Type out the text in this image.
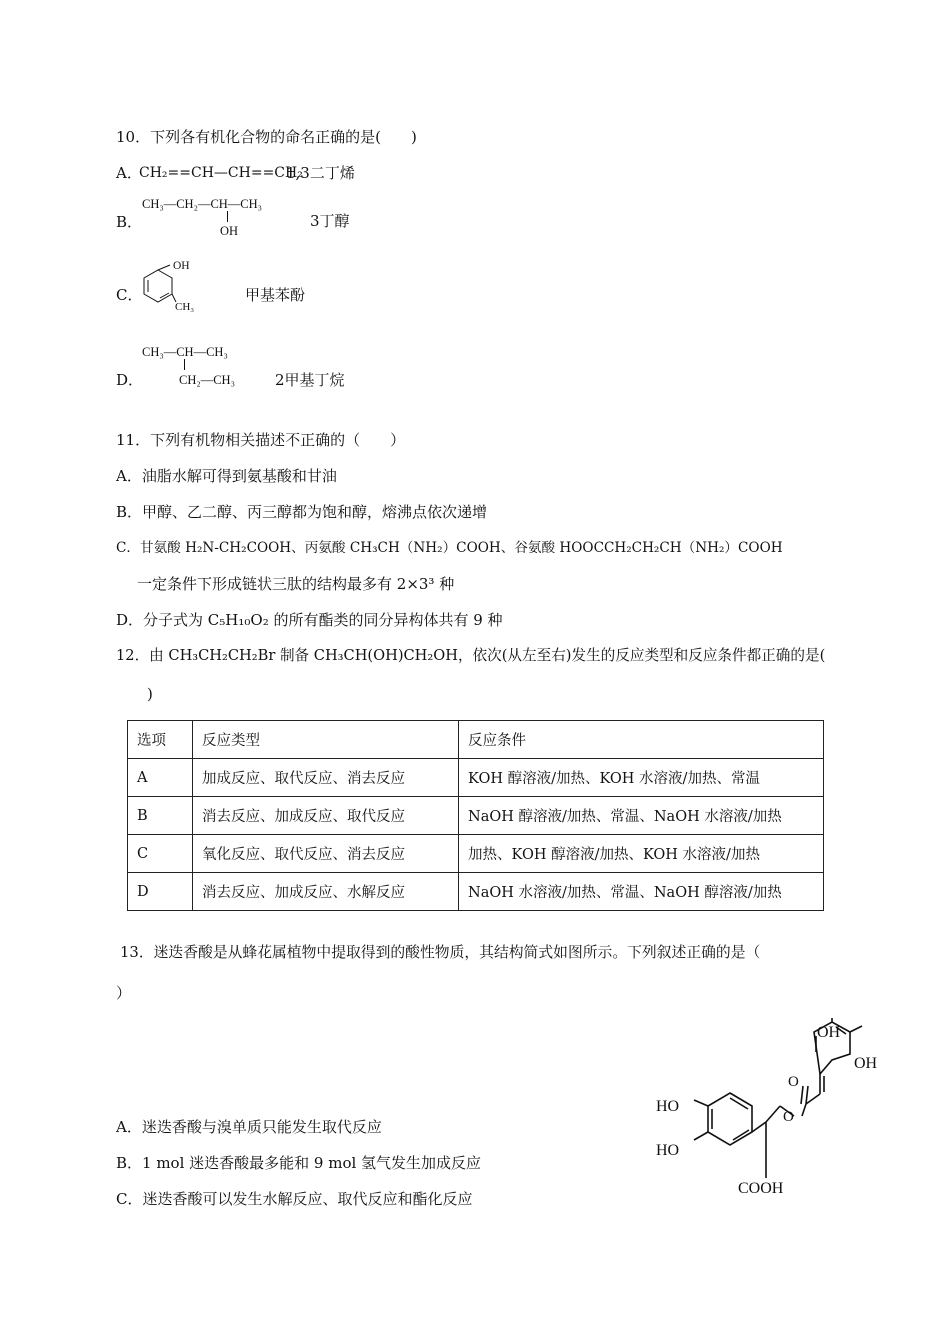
10．下列各有机化合物的命名正确的是(　　)
A．
CH₂==CH—CH==CH₂
1,3二丁烯
B．
CH₃—CH₂—CH—CH₃
OH
3丁醇
C．
OH
CH₃
甲基苯酚
CH₃—CH—CH₃
D．	CH₂—CH₃	2甲基丁烷
11．下列有机物相关描述不正确的（　　）
A．油脂水解可得到氨基酸和甘油
B．甲醇、乙二醇、丙三醇都为饱和醇，熔沸点依次递增
C．甘氨酸 H₂N-CH₂COOH、丙氨酸 CH₃CH（NH₂）COOH、谷氨酸 HOOCCH₂CH₂CH（NH₂）COOH
一定条件下形成链状三肽的结构最多有 2×3³ 种
D．分子式为 C₅H₁₀O₂ 的所有酯类的同分异构体共有 9 种
12．由 CH₃CH₂CH₂Br 制备 CH₃CH(OH)CH₂OH，依次(从左至右)发生的反应类型和反应条件都正确的是(
)
选项	反应类型	反应条件
A	加成反应、取代反应、消去反应	KOH 醇溶液/加热、KOH 水溶液/加热、常温
B	消去反应、加成反应、取代反应	NaOH 醇溶液/加热、常温、NaOH 水溶液/加热
C	氧化反应、取代反应、消去反应	加热、KOH 醇溶液/加热、KOH 水溶液/加热
D	消去反应、加成反应、水解反应	NaOH 水溶液/加热、常温、NaOH 醇溶液/加热
13．迷迭香酸是从蜂花属植物中提取得到的酸性物质，其结构简式如图所示。下列叙述正确的是（
）
A．迷迭香酸与溴单质只能发生取代反应
B．1 mol 迷迭香酸最多能和 9 mol 氢气发生加成反应
C．迷迭香酸可以发生水解反应、取代反应和酯化反应
OH
OH
HO
HO
O
O
COOH
